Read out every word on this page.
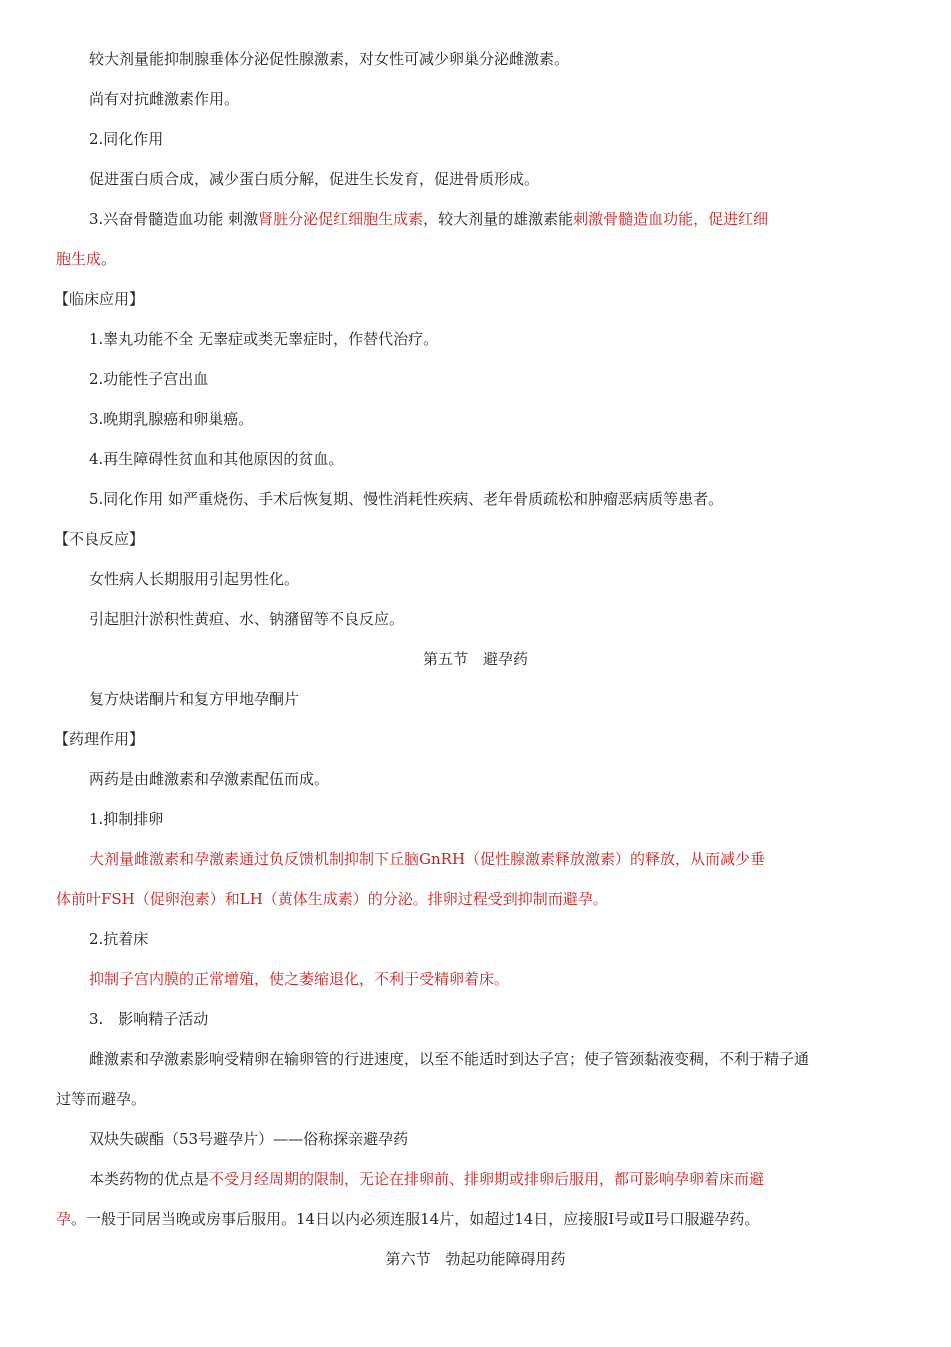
较大剂量能抑制腺垂体分泌促性腺激素，对女性可减少卵巢分泌雌激素。
尚有对抗雌激素作用。
2.同化作用
促进蛋白质合成，减少蛋白质分解，促进生长发育，促进骨质形成。
3.兴奋骨髓造血功能 刺激肾脏分泌促红细胞生成素，较大剂量的雄激素能刺激骨髓造血功能，促进红细
胞生成。
【临床应用】
1.睾丸功能不全 无睾症或类无睾症时，作替代治疗。
2.功能性子宫出血
3.晚期乳腺癌和卵巢癌。
4.再生障碍性贫血和其他原因的贫血。
5.同化作用 如严重烧伤、手术后恢复期、慢性消耗性疾病、老年骨质疏松和肿瘤恶病质等患者。
【不良反应】
女性病人长期服用引起男性化。
引起胆汁淤积性黄疸、水、钠潴留等不良反应。
第五节　避孕药
复方炔诺酮片和复方甲地孕酮片
【药理作用】
两药是由雌激素和孕激素配伍而成。
1.抑制排卵
大剂量雌激素和孕激素通过负反馈机制抑制下丘脑GnRH（促性腺激素释放激素）的释放，从而减少垂
体前叶FSH（促卵泡素）和LH（黄体生成素）的分泌。排卵过程受到抑制而避孕。
2.抗着床
抑制子宫内膜的正常增殖，使之萎缩退化，不利于受精卵着床。
3.　影响精子活动
雌激素和孕激素影响受精卵在输卵管的行进速度，以至不能适时到达子宫；使子管颈黏液变稠，不利于精子通
过等而避孕。
双炔失碳酯（53号避孕片）——俗称探亲避孕药
本类药物的优点是不受月经周期的限制，无论在排卵前、排卵期或排卵后服用，都可影响孕卵着床而避
孕。一般于同居当晚或房事后服用。14日以内必须连服14片，如超过14日，应接服Ⅰ号或Ⅱ号口服避孕药。
第六节　勃起功能障碍用药
